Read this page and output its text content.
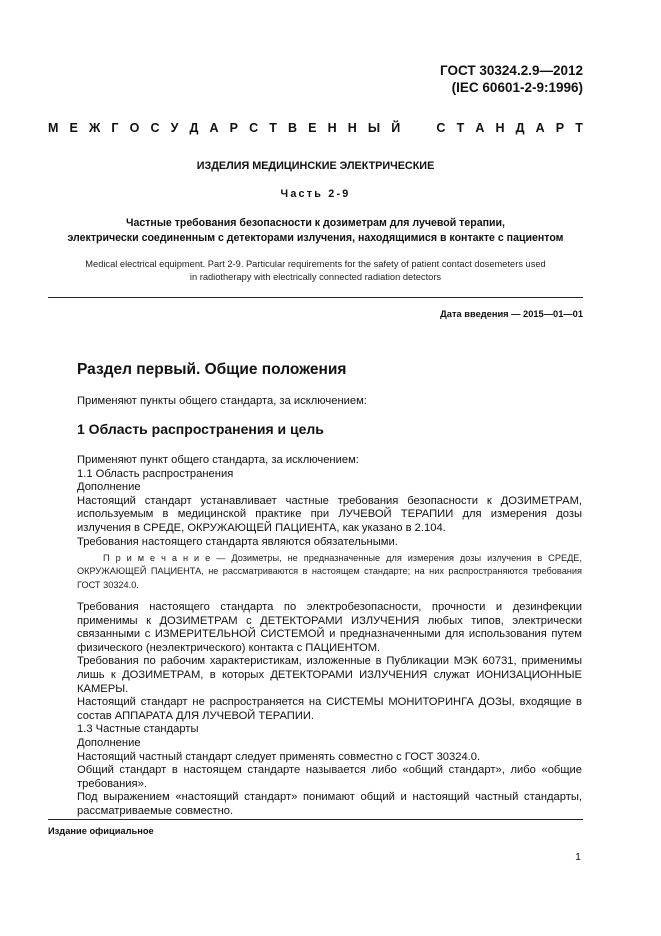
ГОСТ 30324.2.9—2012
(IEC 60601-2-9:1996)
М Е Ж Г О С У Д А Р С Т В Е Н Н Ы Й	С Т А Н Д А Р Т
ИЗДЕЛИЯ МЕДИЦИНСКИЕ ЭЛЕКТРИЧЕСКИЕ
Часть 2-9
Частные требования безопасности к дозиметрам для лучевой терапии,
электрически соединенным с детекторами излучения, находящимися в контакте с пациентом
Medical electrical equipment. Part 2-9. Particular requirements for the safety of patient contact dosemeters used
in radiotherapy with electrically connected radiation detectors
Дата введения — 2015—01—01
Раздел первый. Общие положения
Применяют пункты общего стандарта, за исключением:
1 Область распространения и цель
Применяют пункт общего стандарта, за исключением:
1.1 Область распространения
Дополнение
Настоящий стандарт устанавливает частные требования безопасности к ДОЗИМЕТРАМ, используемым в медицинской практике при ЛУЧЕВОЙ ТЕРАПИИ для измерения дозы излучения в СРЕДЕ, ОКРУЖАЮЩЕЙ ПАЦИЕНТА, как указано в 2.104.
Требования настоящего стандарта являются обязательными.
П р и м е ч а н и е — Дозиметры, не предназначенные для измерения дозы излучения в СРЕДЕ, ОКРУЖАЮЩЕЙ ПАЦИЕНТА, не рассматриваются в настоящем стандарте; на них распространяются требования ГОСТ 30324.0.
Требования настоящего стандарта по электробезопасности, прочности и дезинфекции применимы к ДОЗИМЕТРАМ с ДЕТЕКТОРАМИ ИЗЛУЧЕНИЯ любых типов, электрически связанными с ИЗМЕРИТЕЛЬНОЙ СИСТЕМОЙ и предназначенными для использования путем физического (неэлектрического) контакта с ПАЦИЕНТОМ.
Требования по рабочим характеристикам, изложенные в Публикации МЭК 60731, применимы лишь к ДОЗИМЕТРАМ, в которых ДЕТЕКТОРАМИ ИЗЛУЧЕНИЯ служат ИОНИЗАЦИОННЫЕ КАМЕРЫ.
Настоящий стандарт не распространяется на СИСТЕМЫ МОНИТОРИНГА ДОЗЫ, входящие в состав АППАРАТА ДЛЯ ЛУЧЕВОЙ ТЕРАПИИ.
1.3 Частные стандарты
Дополнение
Настоящий частный стандарт следует применять совместно с ГОСТ 30324.0.
Общий стандарт в настоящем стандарте называется либо «общий стандарт», либо «общие требования».
Под выражением «настоящий стандарт» понимают общий и настоящий частный стандарты, рассматриваемые совместно.
Издание официальное
1
